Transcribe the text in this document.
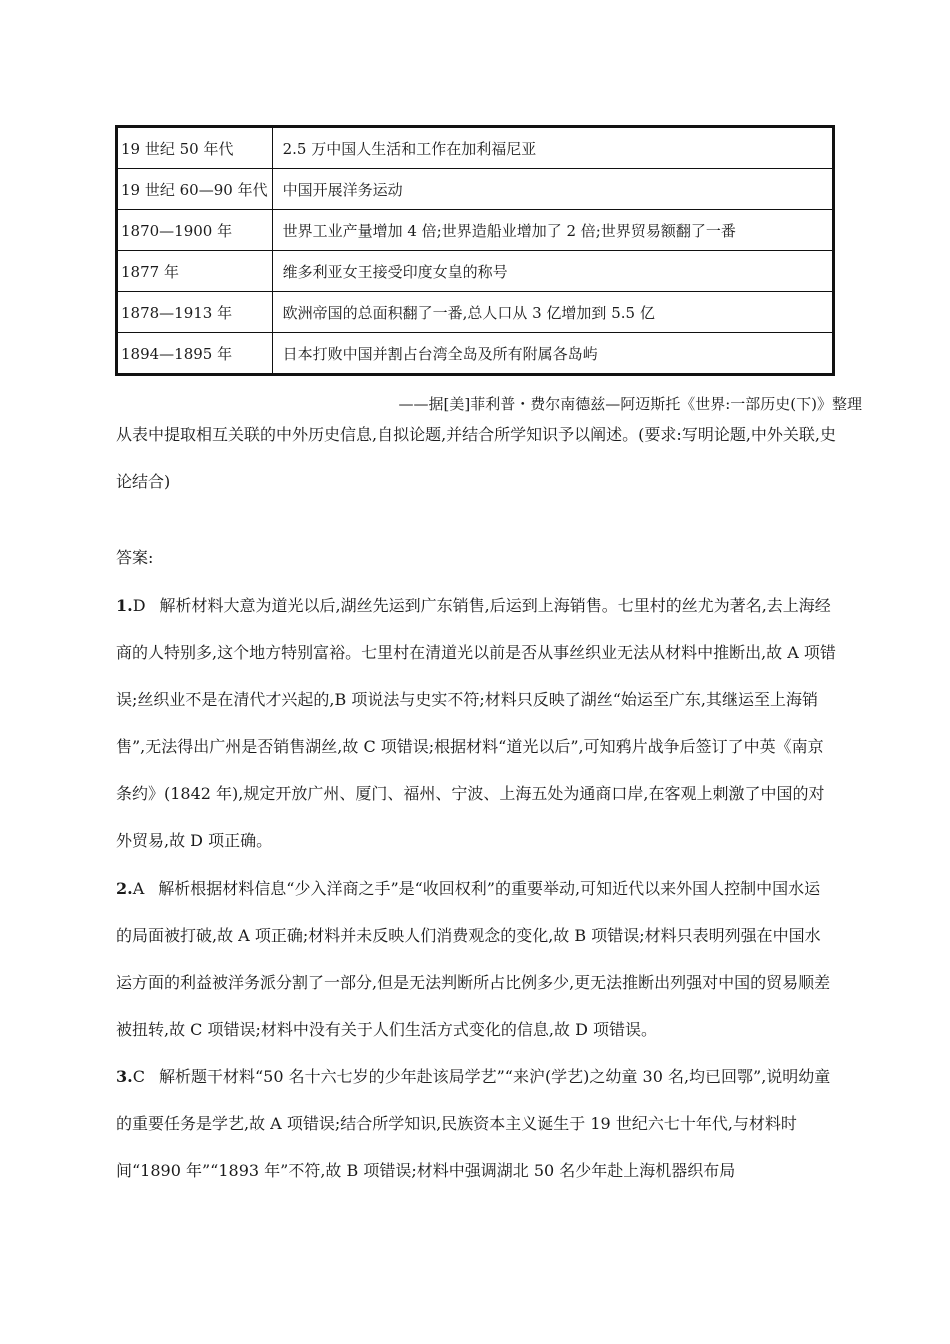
19 世纪 50 年代	2.5 万中国人生活和工作在加利福尼亚
19 世纪 60—90 年代	中国开展洋务运动
1870—1900 年	世界工业产量增加 4 倍;世界造船业增加了 2 倍;世界贸易额翻了一番
1877 年	维多利亚女王接受印度女皇的称号
1878—1913 年	欧洲帝国的总面积翻了一番,总人口从 3 亿增加到 5.5 亿
1894—1895 年	日本打败中国并割占台湾全岛及所有附属各岛屿
——据[美]菲利普・费尔南德兹—阿迈斯托《世界:一部历史(下)》整理
从表中提取相互关联的中外历史信息,自拟论题,并结合所学知识予以阐述。(要求:写明论题,中外关联,史论结合)
答案:
1.D 解析材料大意为道光以后,湖丝先运到广东销售,后运到上海销售。七里村的丝尤为著名,去上海经商的人特别多,这个地方特别富裕。七里村在清道光以前是否从事丝织业无法从材料中推断出,故 A 项错误;丝织业不是在清代才兴起的,B 项说法与史实不符;材料只反映了湖丝“始运至广东,其继运至上海销售”,无法得出广州是否销售湖丝,故 C 项错误;根据材料“道光以后”,可知鸦片战争后签订了中英《南京条约》(1842 年),规定开放广州、厦门、福州、宁波、上海五处为通商口岸,在客观上刺激了中国的对外贸易,故 D 项正确。
2.A 解析根据材料信息“少入洋商之手”是“收回权利”的重要举动,可知近代以来外国人控制中国水运的局面被打破,故 A 项正确;材料并未反映人们消费观念的变化,故 B 项错误;材料只表明列强在中国水运方面的利益被洋务派分割了一部分,但是无法判断所占比例多少,更无法推断出列强对中国的贸易顺差被扭转,故 C 项错误;材料中没有关于人们生活方式变化的信息,故 D 项错误。
3.C 解析题干材料“50 名十六七岁的少年赴该局学艺”“来沪(学艺)之幼童 30 名,均已回鄂”,说明幼童的重要任务是学艺,故 A 项错误;结合所学知识,民族资本主义诞生于 19 世纪六七十年代,与材料时间“1890 年”“1893 年”不符,故 B 项错误;材料中强调湖北 50 名少年赴上海机器织布局
